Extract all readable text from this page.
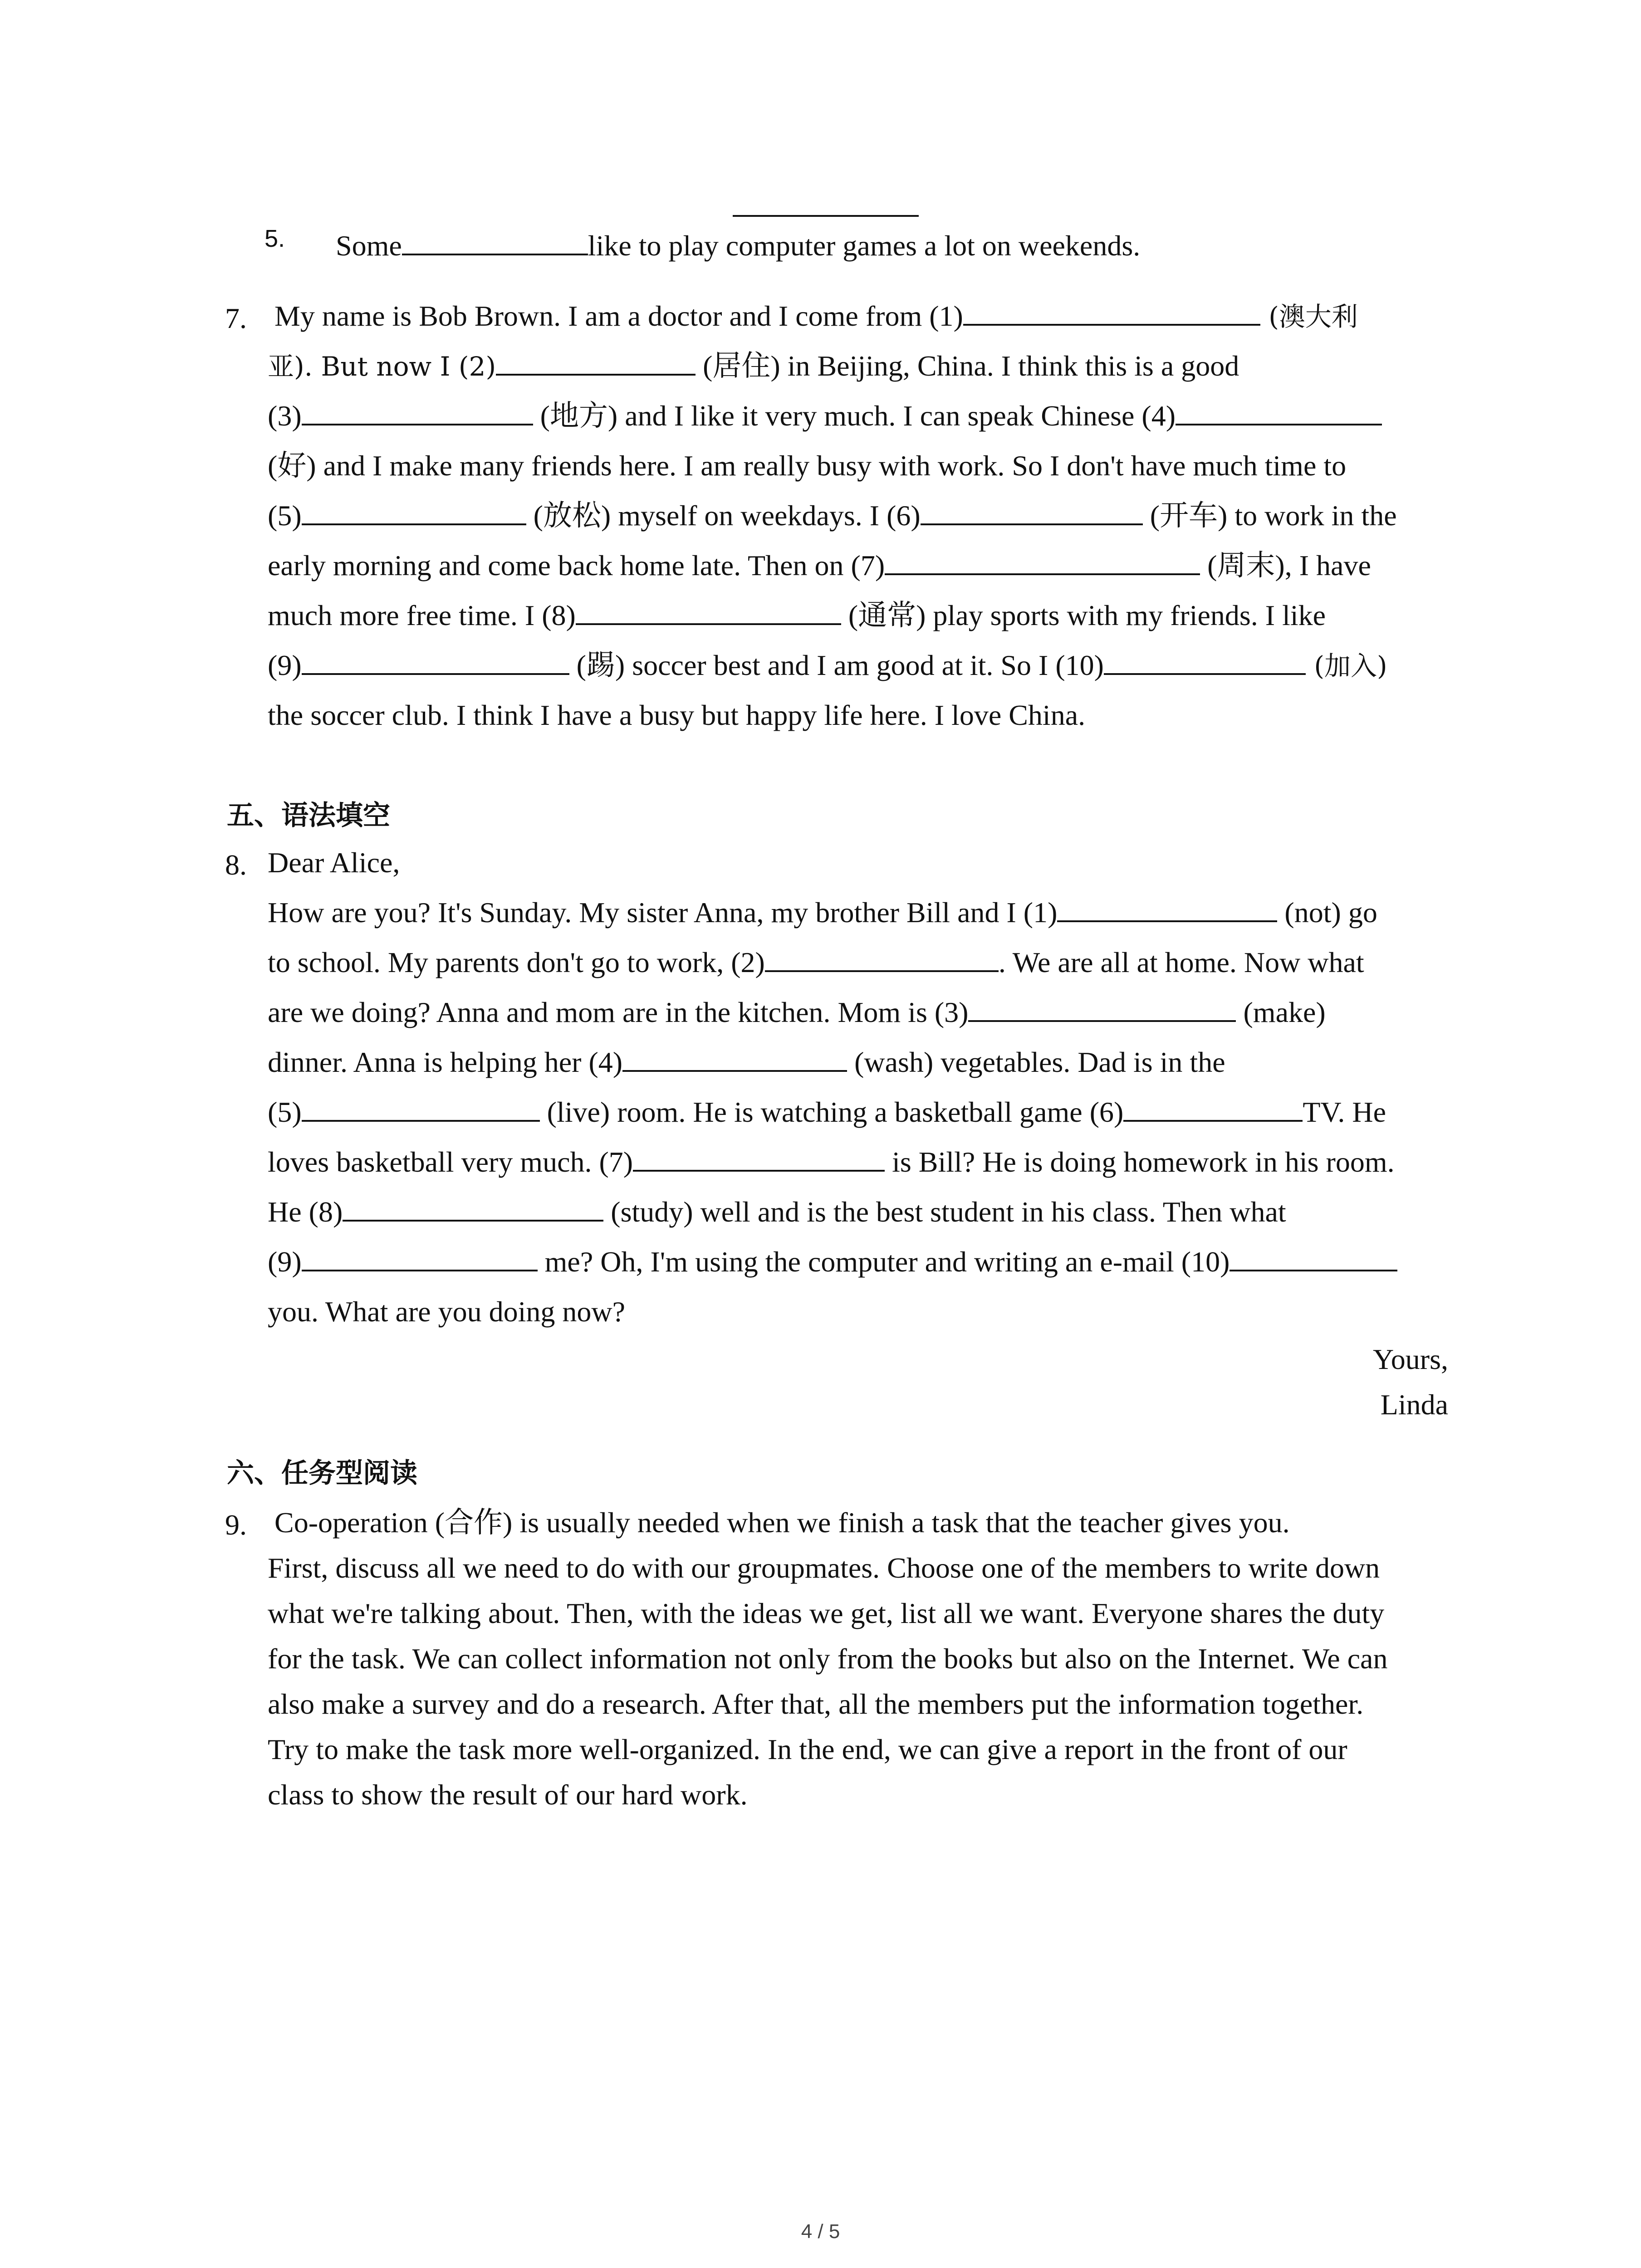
5. Some	like to play computer games a lot on weekends.
7. My name is Bob Brown. I am a doctor and I come from (1)	(澳大利
亚). But now I (2)	(居住) in Beijing, China. I think this is a good
(3)	(地方) and I like it very much. I can speak Chinese (4)
(好) and I make many friends here. I am really busy with work. So I don't have much time to
(5)	(放松) myself on weekdays. I (6)	(开车) to work in the
early morning and come back home late. Then on (7)	(周末), I have
much more free time. I (8)	(通常) play sports with my friends. I like
(9)	(踢) soccer best and I am good at it. So I (10)	(加入)
the soccer club. I think I have a busy but happy life here. I love China.
五、语法填空
8. Dear Alice,
How are you? It's Sunday. My sister Anna, my brother Bill and I (1)	(not) go
to school. My parents don't go to work, (2)	. We are all at home. Now what
are we doing? Anna and mom are in the kitchen. Mom is (3)	(make)
dinner. Anna is helping her (4)	(wash) vegetables. Dad is in the
(5)	(live) room. He is watching a basketball game (6)	TV. He
loves basketball very much. (7)	is Bill? He is doing homework in his room.
He (8)	(study) well and is the best student in his class. Then what
(9)	me? Oh, I'm using the computer and writing an e-mail (10)
you. What are you doing now?
Yours,
Linda
六、任务型阅读
9. Co-operation (合作) is usually needed when we finish a task that the teacher gives you.
First, discuss all we need to do with our groupmates. Choose one of the members to write down
what we're talking about. Then, with the ideas we get, list all we want. Everyone shares the duty
for the task. We can collect information not only from the books but also on the Internet. We can
also make a survey and do a research. After that, all the members put the information together.
Try to make the task more well-organized. In the end, we can give a report in the front of our
class to show the result of our hard work.
4 / 5
